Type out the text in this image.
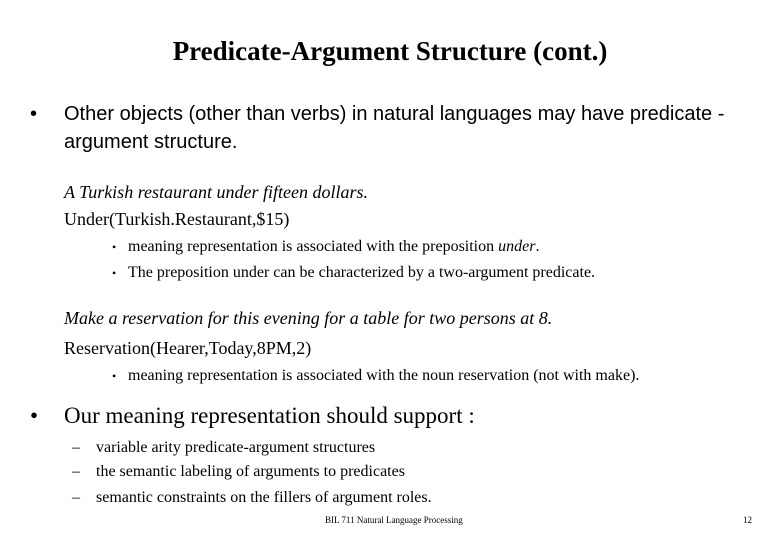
Predicate-Argument Structure (cont.)
•	Other objects (other than verbs) in natural languages may have predicate -argument structure.
A Turkish restaurant under fifteen dollars.
Under(Turkish.Restaurant,$15)
• meaning representation is associated with the preposition under.
• The preposition under can be characterized by a two-argument predicate.
Make a reservation for this evening for a table for two persons at 8.
Reservation(Hearer,Today,8PM,2)
• meaning representation is associated with the noun reservation (not with make).
•	Our meaning representation should support :
– variable arity predicate-argument structures
– the semantic labeling of arguments to predicates
– semantic constraints on the fillers of argument roles.
BIL 711 Natural Language Processing	12
